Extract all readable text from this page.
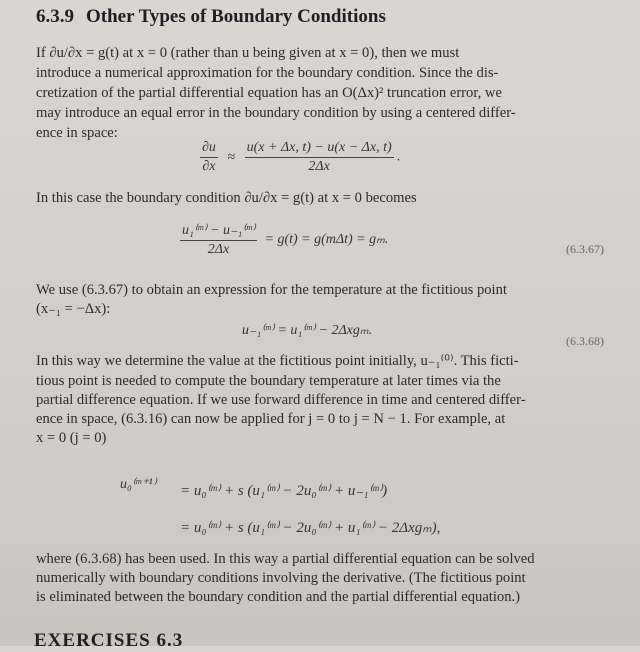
6.3.9 Other Types of Boundary Conditions
If ∂u/∂x = g(t) at x = 0 (rather than u being given at x = 0), then we must
introduce a numerical approximation for the boundary condition. Since the dis-
cretization of the partial differential equation has an O(Δx)² truncation error, we
may introduce an equal error in the boundary condition by using a centered differ-
ence in space:
$\frac{\partial u}{\partial x} \approx \frac{u(x + \Delta x, t) - u(x - \Delta x, t)}{2\Delta x}$ .
In this case the boundary condition ∂u/∂x = g(t) at x = 0 becomes
$\frac{\text{u₁⁽ᵐ⁾ − u₋₁⁽ᵐ⁾}}{2\Delta x} = g(t) = g(m\Delta t) = g_m$.
(6.3.67)
We use (6.3.67) to obtain an expression for the temperature at the fictitious point
(x₋₁ = −Δx):
u₋₁⁽ᵐ⁾ = u₁⁽ᵐ⁾ − 2Δxgₘ.
(6.3.68)
In this way we determine the value at the fictitious point initially, u₋₁⁽⁰⁾. This ficti-
tious point is needed to compute the boundary temperature at later times via the
partial difference equation. If we use forward difference in time and centered differ-
ence in space, (6.3.16) can now be applied for j = 0 to j = N − 1. For example, at
x = 0 (j = 0)
u₀⁽ᵐ⁺¹⁾ = u₀⁽ᵐ⁾ + s (u₁⁽ᵐ⁾ − 2u₀⁽ᵐ⁾ + u₋₁⁽ᵐ⁾)
= u₀⁽ᵐ⁾ + s (u₁⁽ᵐ⁾ − 2u₀⁽ᵐ⁾ + u₁⁽ᵐ⁾ − 2Δxgₘ),
where (6.3.68) has been used. In this way a partial differential equation can be solved
numerically with boundary conditions involving the derivative. (The fictitious point
is eliminated between the boundary condition and the partial differential equation.)
EXERCISES 6.3
